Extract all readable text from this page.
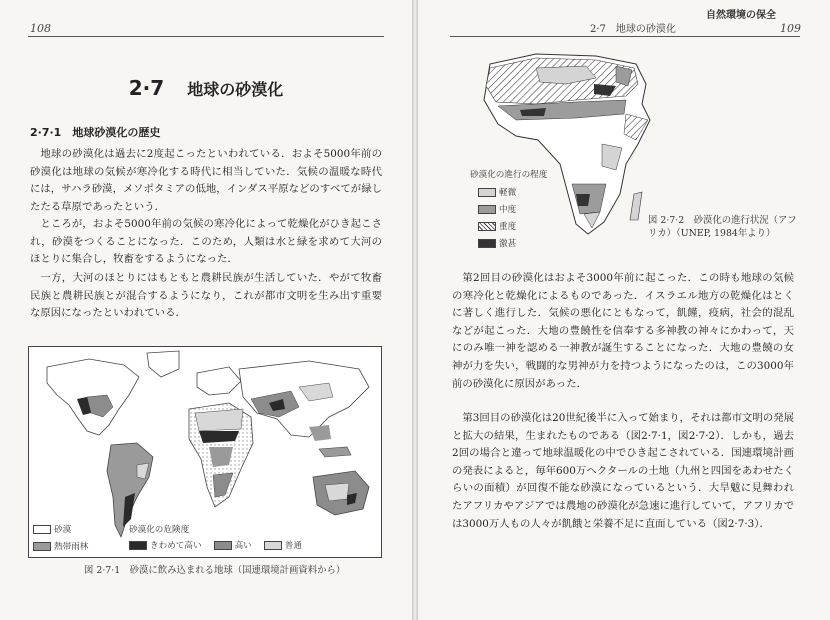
108
2·7 地球の砂漠化
2·7·1　地球砂漠化の歴史

地球の砂漠化は過去に2度起こったといわれている．およそ5000年前の砂漠化は地球の気候が寒冷化する時代に相当していた．気候の温暖な時代には，サハラ砂漠，メソポタミアの低地，インダス平原などのすべてが緑したたる草原であったという．

ところが，およそ5000年前の気候の寒冷化によって乾燥化がひき起こされ，砂漠をつくることになった．このため，人類は水と緑を求めて大河のほとりに集合し，牧畜をするようになった．

一方，大河のほとりにはもともと農耕民族が生活していた．やがて牧畜民族と農耕民族とが混合するようになり，これが都市文明を生み出す重要な原因になったといわれている．

砂漠
熱帯雨林
砂漠化の危険度
きわめて高い	高い	普通
図 2·7·1　砂漠に飲み込まれる地球（国連環境計画資料から）
自然環境の保全
2·7　地球の砂漠化	109
砂漠化の進行の程度
軽微
中度
重度
激甚
図 2·7·2　砂漠化の進行状況（アフリカ）（UNEP, 1984年より）

第2回目の砂漠化はおよそ3000年前に起こった．この時も地球の気候の寒冷化と乾燥化によるものであった．イスラエル地方の乾燥化はとくに著しく進行した．気候の悪化にともなって，飢饉，疫病，社会的混乱などが起こった．大地の豊饒性を信奉する多神教の神々にかわって，天にのみ唯一神を認める一神教が誕生することになった．大地の豊饒の女神が力を失い，戦闘的な男神が力を持つようになったのは，この3000年前の砂漠化に原因があった．

第3回目の砂漠化は20世紀後半に入って始まり，それは都市文明の発展と拡大の結果，生まれたものである（図2·7·1，図2·7·2）．しかも，過去2回の場合と違って地球温暖化の中でひき起こされている．国連環境計画の発表によると，毎年600万ヘクタールの土地（九州と四国をあわせたくらいの面積）が回復不能な砂漠になっているという．大旱魃に見舞われたアフリカやアジアでは農地の砂漠化が急速に進行していて，アフリカでは3000万人もの人々が飢餓と栄養不足に直面している（図2·7·3）．
